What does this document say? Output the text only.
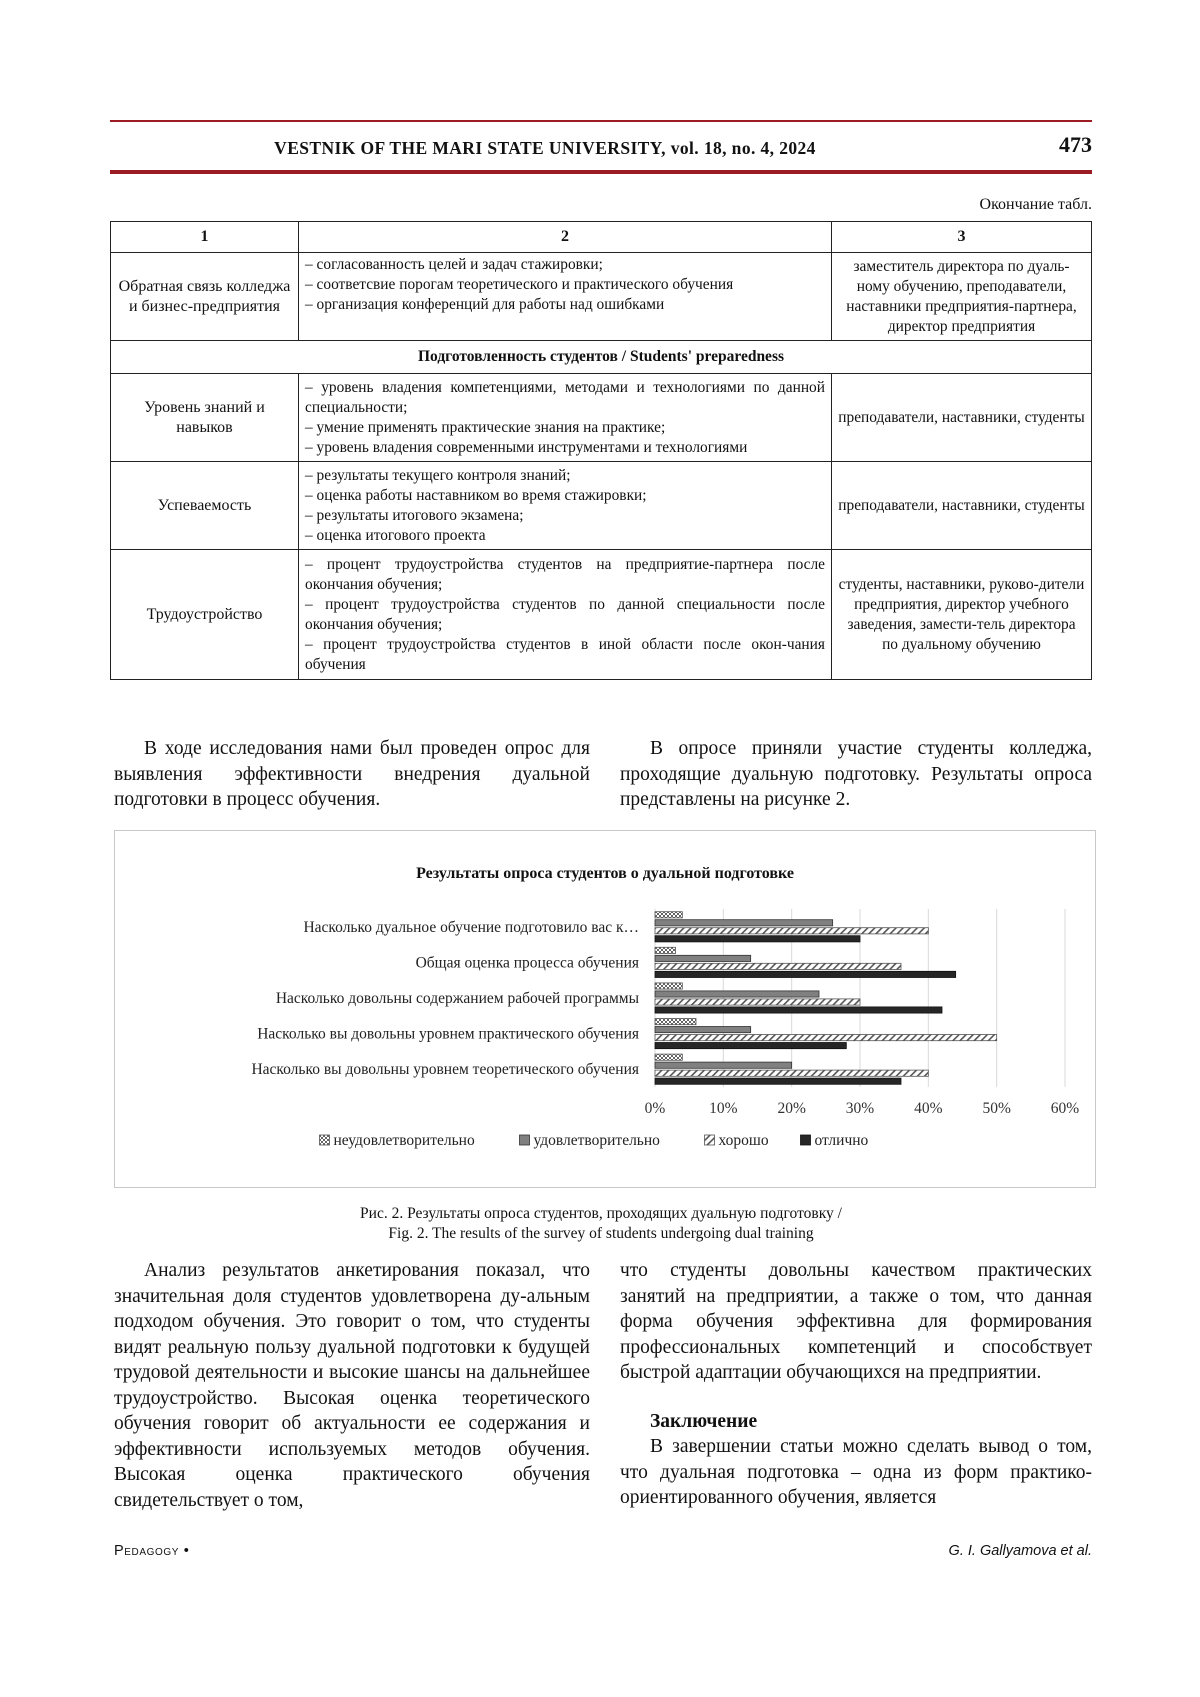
VESTNIK OF THE MARI STATE UNIVERSITY, vol. 18, no. 4, 2024	473
Окончание табл.
1	2	3
Обратная связь колледжа и бизнес-предприятия	– согласованность целей и задач стажировки;
– соответсвие порогам теоретического и практического обучения
– организация конференций для работы над ошибками	заместитель директора по дуаль-ному обучению, преподаватели, наставники предприятия-партнера, директор предприятия
Подготовленность студентов / Students' preparedness		
Уровень знаний и навыков	– уровень владения компетенциями, методами и технологиями по данной специальности;
– умение применять практические знания на практике;
– уровень владения современными инструментами и технологиями	преподаватели, наставники, студенты
Успеваемость	– результаты текущего контроля знаний;
– оценка работы наставником во время стажировки;
– результаты итогового экзамена;
– оценка итогового проекта	преподаватели, наставники, студенты
Трудоустройство	– процент трудоустройства студентов на предприятие-партнера после окончания обучения;
– процент трудоустройства студентов по данной специальности после окончания обучения;
– процент трудоустройства студентов в иной области после окон-чания обучения	студенты, наставники, руково-дители предприятия, директор учебного заведения, замести-тель директора по дуальному обучению

В ходе исследования нами был проведен опрос для выявления эффективности внедрения дуальной подготовки в процесс обучения.

В опросе приняли участие студенты колледжа, проходящие дуальную подготовку. Результаты опроса представлены на рисунке 2.

Результаты опроса студентов о дуальной подготовке
0%	10%	20%	30%	40%	50%	60%
Насколько дуальное обучение подготовило вас к…
Общая оценка процесса обучения
Насколько довольны содержанием рабочей программы
Насколько вы довольны уровнем практического обучения
Насколько вы довольны уровнем теоретического обучения
неудовлетворительно	удовлетворительно	хорошо	отлично
Рис. 2. Результаты опроса студентов, проходящих дуальную подготовку /
Fig. 2. The results of the survey of students undergoing dual training

Анализ результатов анкетирования показал, что значительная доля студентов удовлетворена ду-альным подходом обучения. Это говорит о том, что студенты видят реальную пользу дуальной подготовки к будущей трудовой деятельности и высокие шансы на дальнейшее трудоустройство. Высокая оценка теоретического обучения говорит об актуальности ее содержания и эффективности используемых методов обучения. Высокая оценка практического обучения свидетельствует о том,

что студенты довольны качеством практических занятий на предприятии, а также о том, что данная форма обучения эффективна для формирования профессиональных компетенций и способствует быстрой адаптации обучающихся на предприятии.

Заключение

В завершении статьи можно сделать вывод о том, что дуальная подготовка – одна из форм практико-ориентированного обучения, является

Pedagogy •	G. I. Gallyamova et al.
